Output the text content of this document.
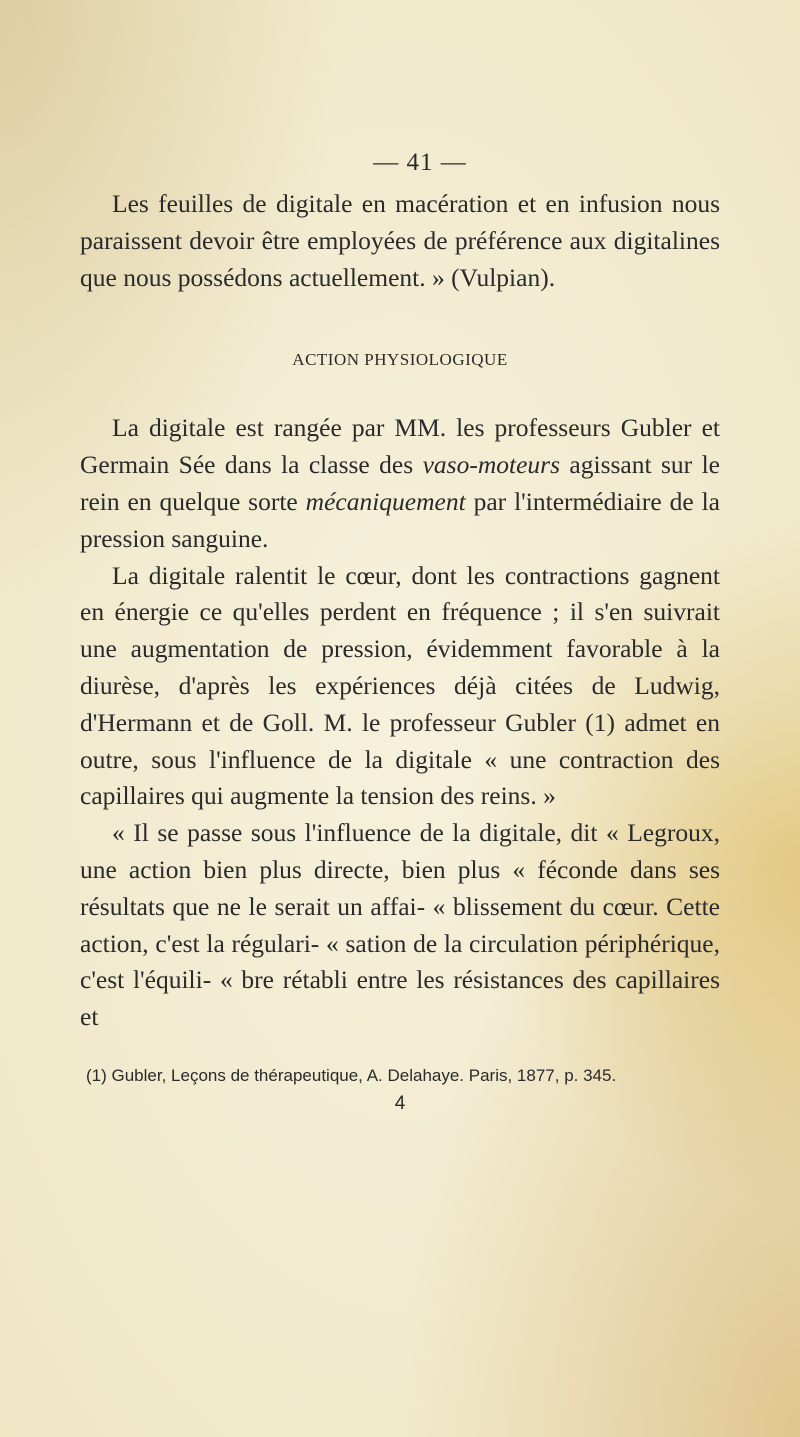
— 41 —

Les feuilles de digitale en macération et en infusion nous paraissent devoir être employées de préférence aux digitalines que nous possédons actuellement. » (Vulpian).

ACTION PHYSIOLOGIQUE

La digitale est rangée par MM. les professeurs Gubler et Germain Sée dans la classe des vaso-moteurs agissant sur le rein en quelque sorte mécaniquement par l'intermédiaire de la pression sanguine.

La digitale ralentit le cœur, dont les contractions gagnent en énergie ce qu'elles perdent en fréquence ; il s'en suivrait une augmentation de pression, évidemment favorable à la diurèse, d'après les expériences déjà citées de Ludwig, d'Hermann et de Goll. M. le professeur Gubler (1) admet en outre, sous l'influence de la digitale « une contraction des capillaires qui augmente la tension des reins. »

« Il se passe sous l'influence de la digitale, dit « Legroux, une action bien plus directe, bien plus « féconde dans ses résultats que ne le serait un affai- « blissement du cœur. Cette action, c'est la régulari- « sation de la circulation périphérique, c'est l'équili- « bre rétabli entre les résistances des capillaires et

(1) Gubler, Leçons de thérapeutique, A. Delahaye. Paris, 1877, p. 345.
4
